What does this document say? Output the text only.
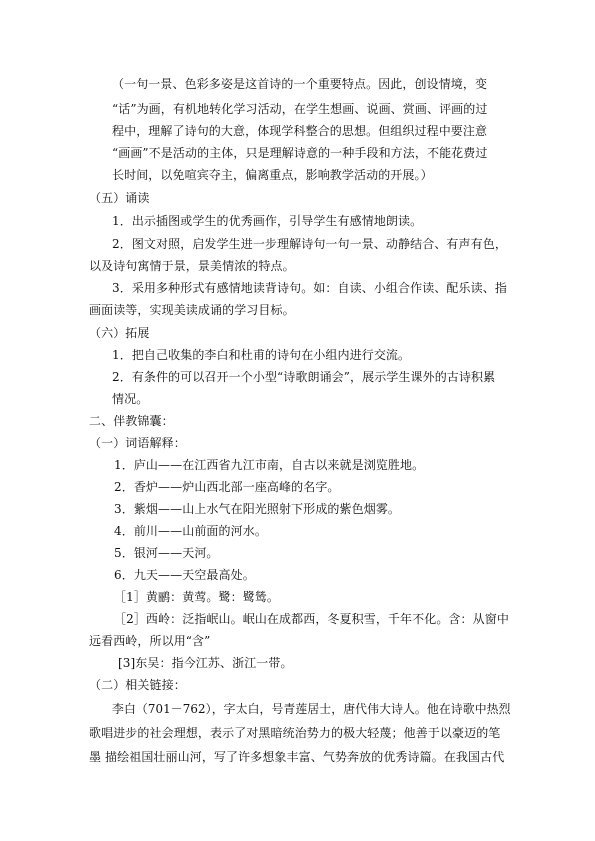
（一句一景、色彩多姿是这首诗的一个重要特点。因此，创设情境，变
“话”为画，有机地转化学习活动，在学生想画、说画、赏画、评画的过
程中，理解了诗句的大意，体现学科整合的思想。但组织过程中要注意
“画画”不是活动的主体，只是理解诗意的一种手段和方法，不能花费过
长时间，以免喧宾夺主，偏离重点，影响教学活动的开展。）
（五）诵读
1．出示插图或学生的优秀画作，引导学生有感情地朗读。
2．图文对照，启发学生进一步理解诗句一句一景、动静结合、有声有色，
以及诗句寓情于景，景美情浓的特点。
3．采用多种形式有感情地读背诗句。如：自读、小组合作读、配乐读、指
画面读等，实现美读成诵的学习目标。
（六）拓展
1．把自己收集的李白和杜甫的诗句在小组内进行交流。
2．有条件的可以召开一个小型“诗歌朗诵会”，展示学生课外的古诗积累
情况。
二、伴教锦囊：
（一）词语解释：
1．庐山——在江西省九江市南，自古以来就是浏览胜地。
2．香炉——炉山西北部一座高峰的名字。
3．紫烟——山上水气在阳光照射下形成的紫色烟雾。
4．前川——山前面的河水。
5．银河——天河。
6．九天——天空最高处。
［1］黄鹂：黄莺。鹭：鹭鸶。
［2］西岭：泛指岷山。岷山在成都西，冬夏积雪，千年不化。含：从窗中
远看西岭，所以用“含”
[3]东吴：指今江苏、浙江一带。
（二）相关链接：
李白（701－762），字太白，号青莲居士，唐代伟大诗人。他在诗歌中热烈
歌唱进步的社会理想，表示了对黑暗统治势力的极大轻蔑；他善于以豪迈的笔
墨 描绘祖国壮丽山河，写了许多想象丰富、气势奔放的优秀诗篇。在我国古代
